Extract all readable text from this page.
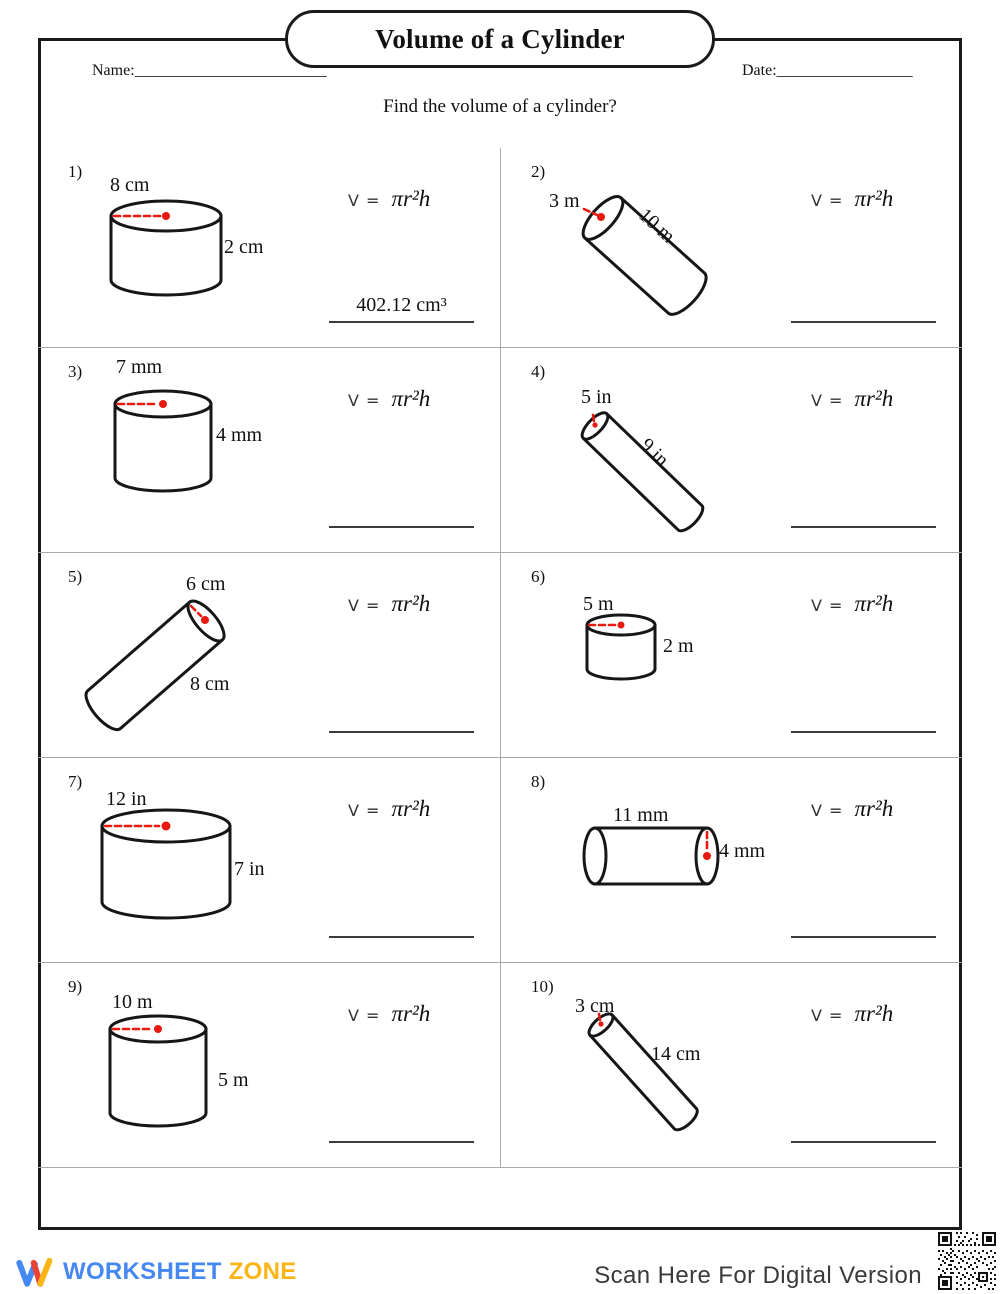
Volume of a Cylinder
Name:________________________	Date:_________________
Find the volume of a cylinder?
1)
8 cm
2 cm
V = πr²h
402.12 cm³
2)
3 m
10 m
V = πr²h
3) 7 mm
4 mm
V = πr²h
4)
5 in
9 in
V = πr²h
5)	6 cm
8 cm
V = πr²h
6)
5 m
2 m
V = πr²h
7)
12 in
7 in
V = πr²h
8)
11 mm
4 mm
V = πr²h
9)
10 m
5 m
V = πr²h
10)
3 cm
14 cm
V = πr²h
WORKSHEET ZONE	Scan Here For Digital Version
